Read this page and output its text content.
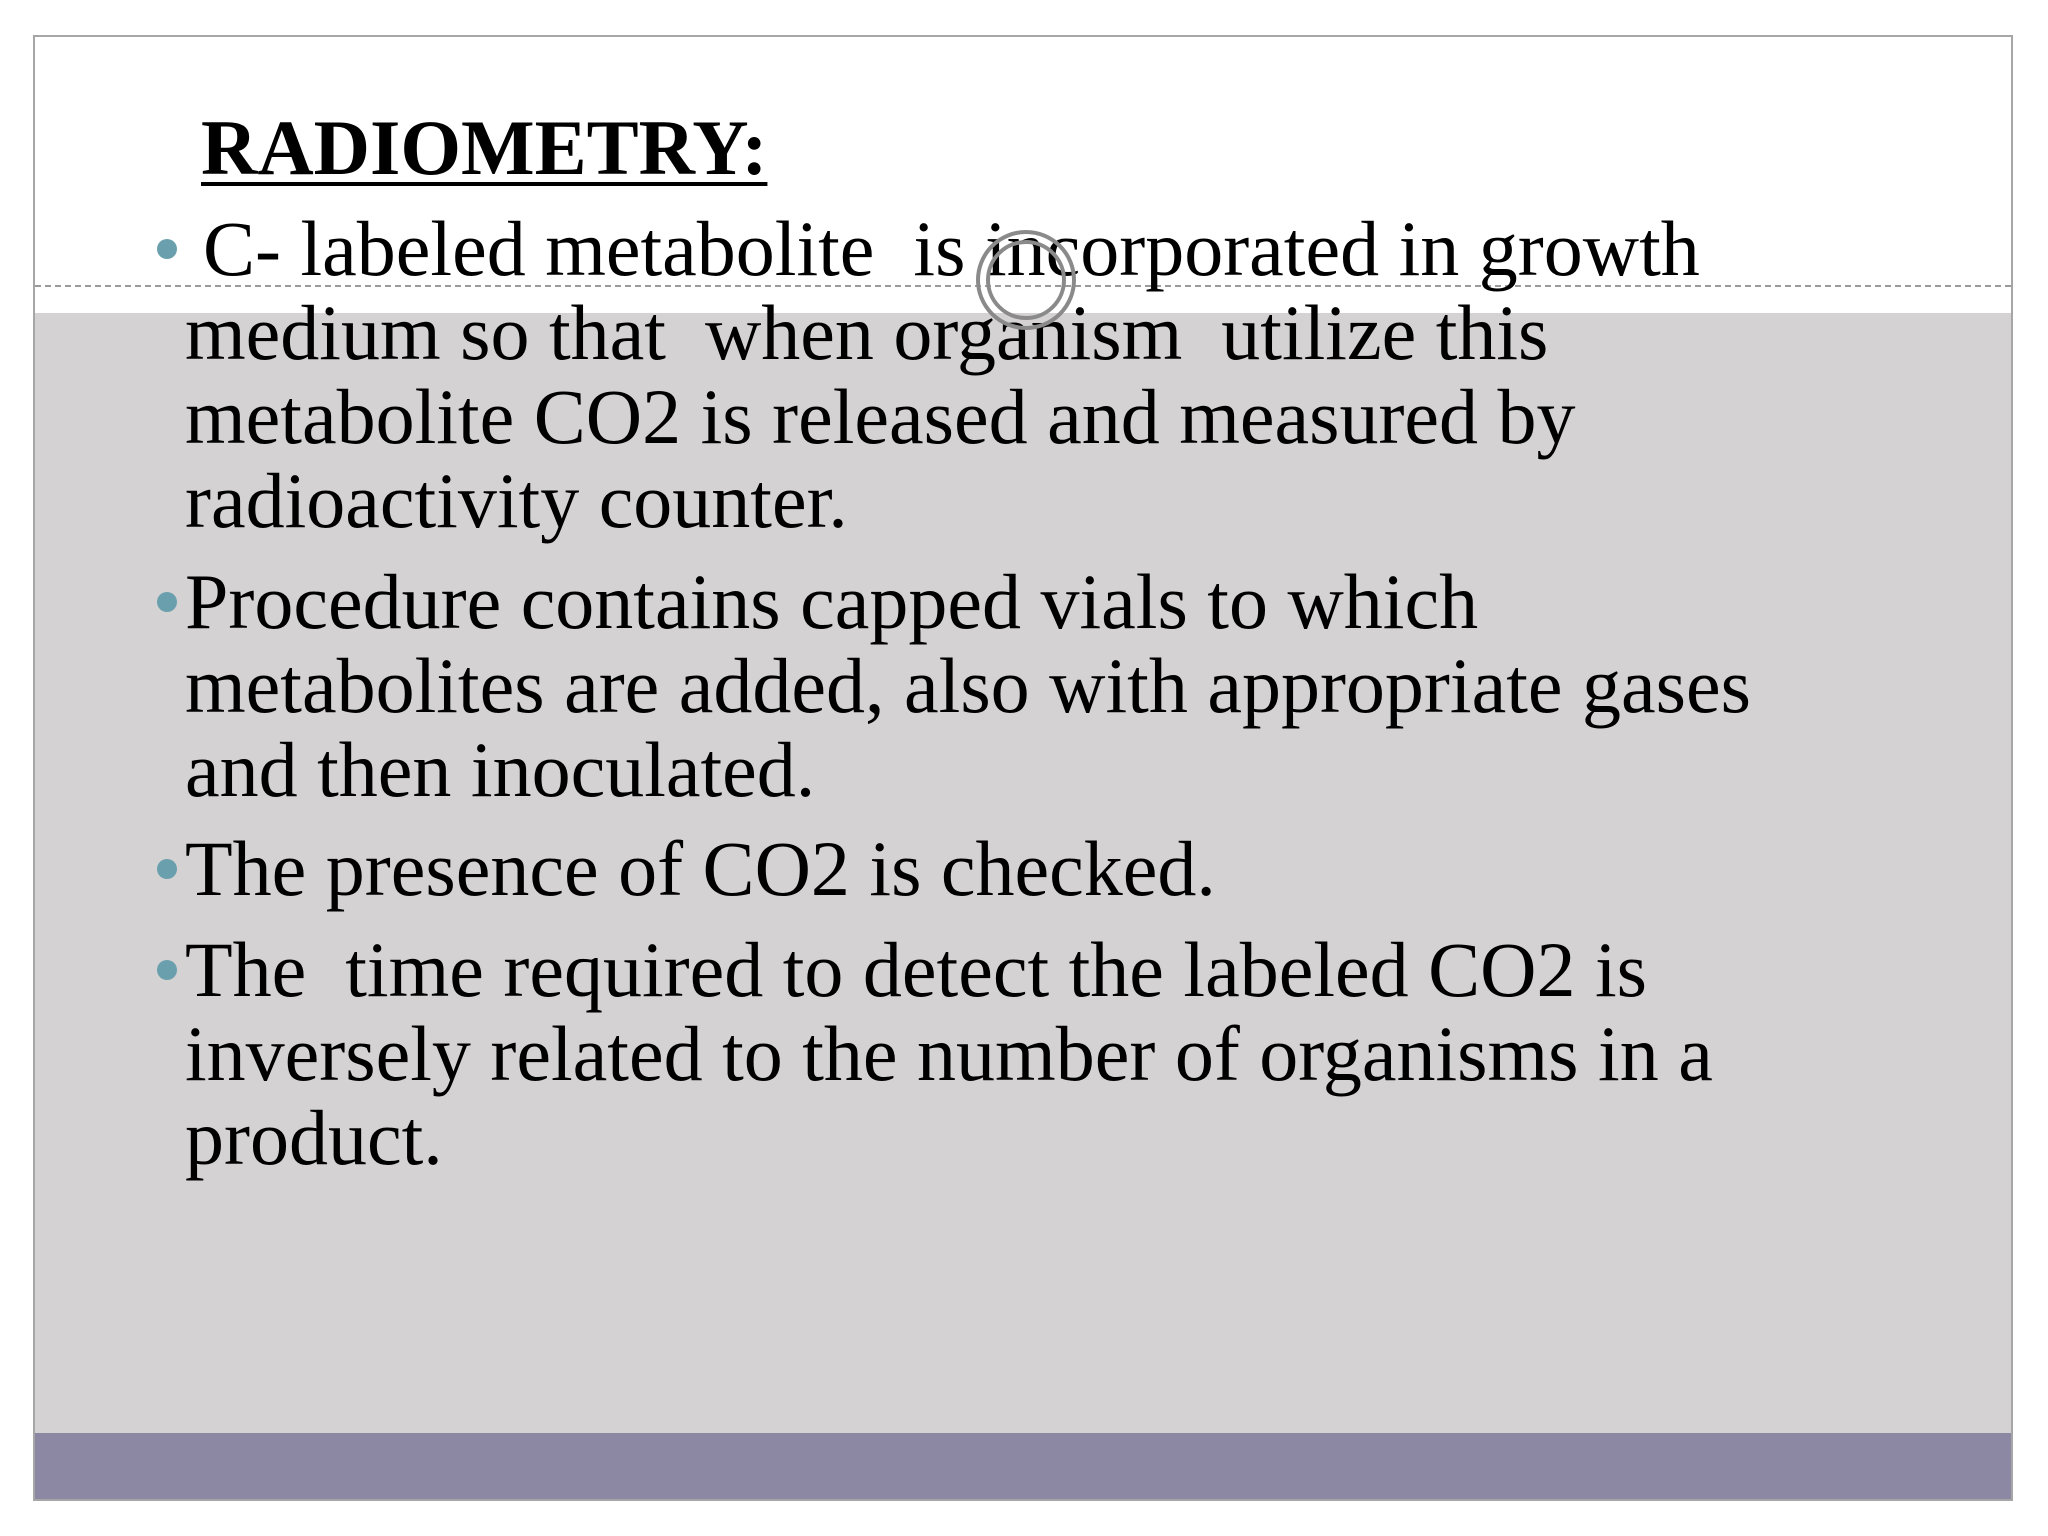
RADIOMETRY:
C- labeled metabolite  is incorporated in growth
medium so that  when organism  utilize this
metabolite CO2 is released and measured by
radioactivity counter.
Procedure contains capped vials to which
metabolites are added, also with appropriate gases
and then inoculated.
The presence of CO2 is checked.
The  time required to detect the labeled CO2 is
inversely related to the number of organisms in a
product.
